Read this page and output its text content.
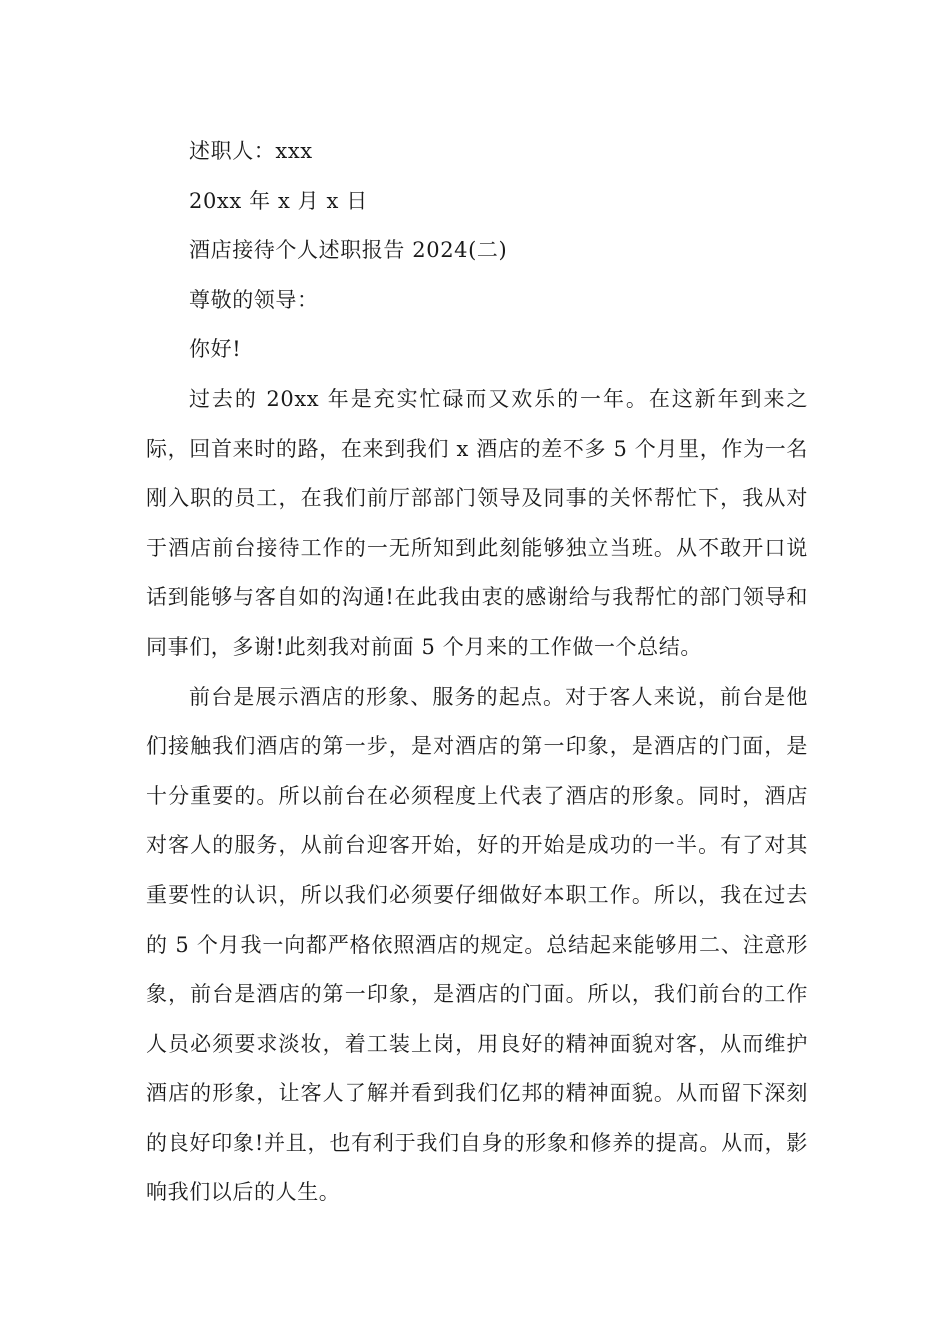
述职人：xxx

20xx 年 x 月 x 日

酒店接待个人述职报告 2024(二)

尊敬的领导：

你好!

过去的 20xx 年是充实忙碌而又欢乐的一年。在这新年到来之际，回首来时的路，在来到我们 x 酒店的差不多 5 个月里，作为一名刚入职的员工，在我们前厅部部门领导及同事的关怀帮忙下，我从对于酒店前台接待工作的一无所知到此刻能够独立当班。从不敢开口说话到能够与客自如的沟通!在此我由衷的感谢给与我帮忙的部门领导和同事们，多谢!此刻我对前面 5 个月来的工作做一个总结。

前台是展示酒店的形象、服务的起点。对于客人来说，前台是他们接触我们酒店的第一步，是对酒店的第一印象，是酒店的门面，是十分重要的。所以前台在必须程度上代表了酒店的形象。同时，酒店对客人的服务，从前台迎客开始，好的开始是成功的一半。有了对其重要性的认识，所以我们必须要仔细做好本职工作。所以，我在过去的 5 个月我一向都严格依照酒店的规定。总结起来能够用二、注意形象，前台是酒店的第一印象，是酒店的门面。所以，我们前台的工作人员必须要求淡妆，着工装上岗，用良好的精神面貌对客，从而维护酒店的形象，让客人了解并看到我们亿邦的精神面貌。从而留下深刻的良好印象!并且，也有利于我们自身的形象和修养的提高。从而，影响我们以后的人生。
